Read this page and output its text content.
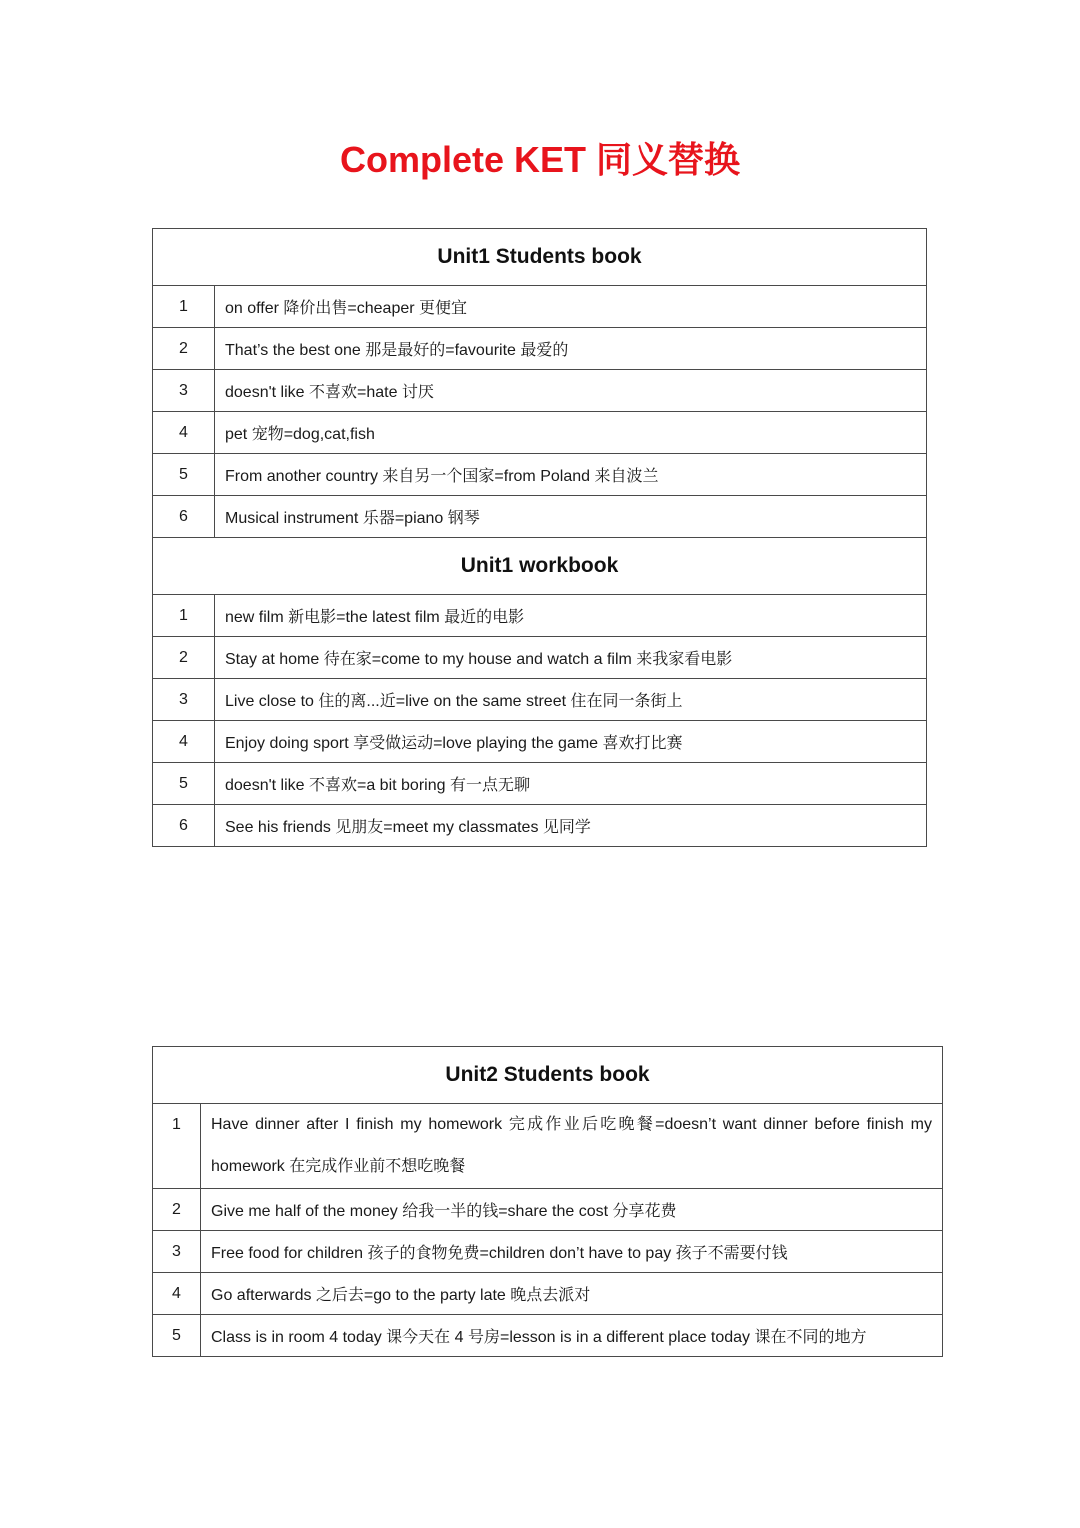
Complete KET 同义替换
Unit1 Students book	
1	on offer 降价出售=cheaper 更便宜
2	That’s the best one 那是最好的=favourite 最爱的
3	doesn't like 不喜欢=hate 讨厌
4	pet 宠物=dog,cat,fish
5	From another country 来自另一个国家=from Poland 来自波兰
6	Musical instrument 乐器=piano 钢琴
Unit1 workbook	
1	new film 新电影=the latest film 最近的电影
2	Stay at home 待在家=come to my house and watch a film 来我家看电影
3	Live close to 住的离...近=live on the same street 住在同一条街上
4	Enjoy doing sport 享受做运动=love playing the game 喜欢打比赛
5	doesn't like 不喜欢=a bit boring 有一点无聊
6	See his friends 见朋友=meet my classmates 见同学
Unit2 Students book	
1	Have dinner after I finish my homework 完成作业后吃晚餐=doesn’t want dinner before finish my homework 在完成作业前不想吃晚餐
2	Give me half of the money 给我一半的钱=share the cost 分享花费
3	Free food for children 孩子的食物免费=children don’t have to pay 孩子不需要付钱
4	Go afterwards 之后去=go to the party late 晚点去派对
5	Class is in room 4 today 课今天在 4 号房=lesson is in a different place today 课在不同的地方
